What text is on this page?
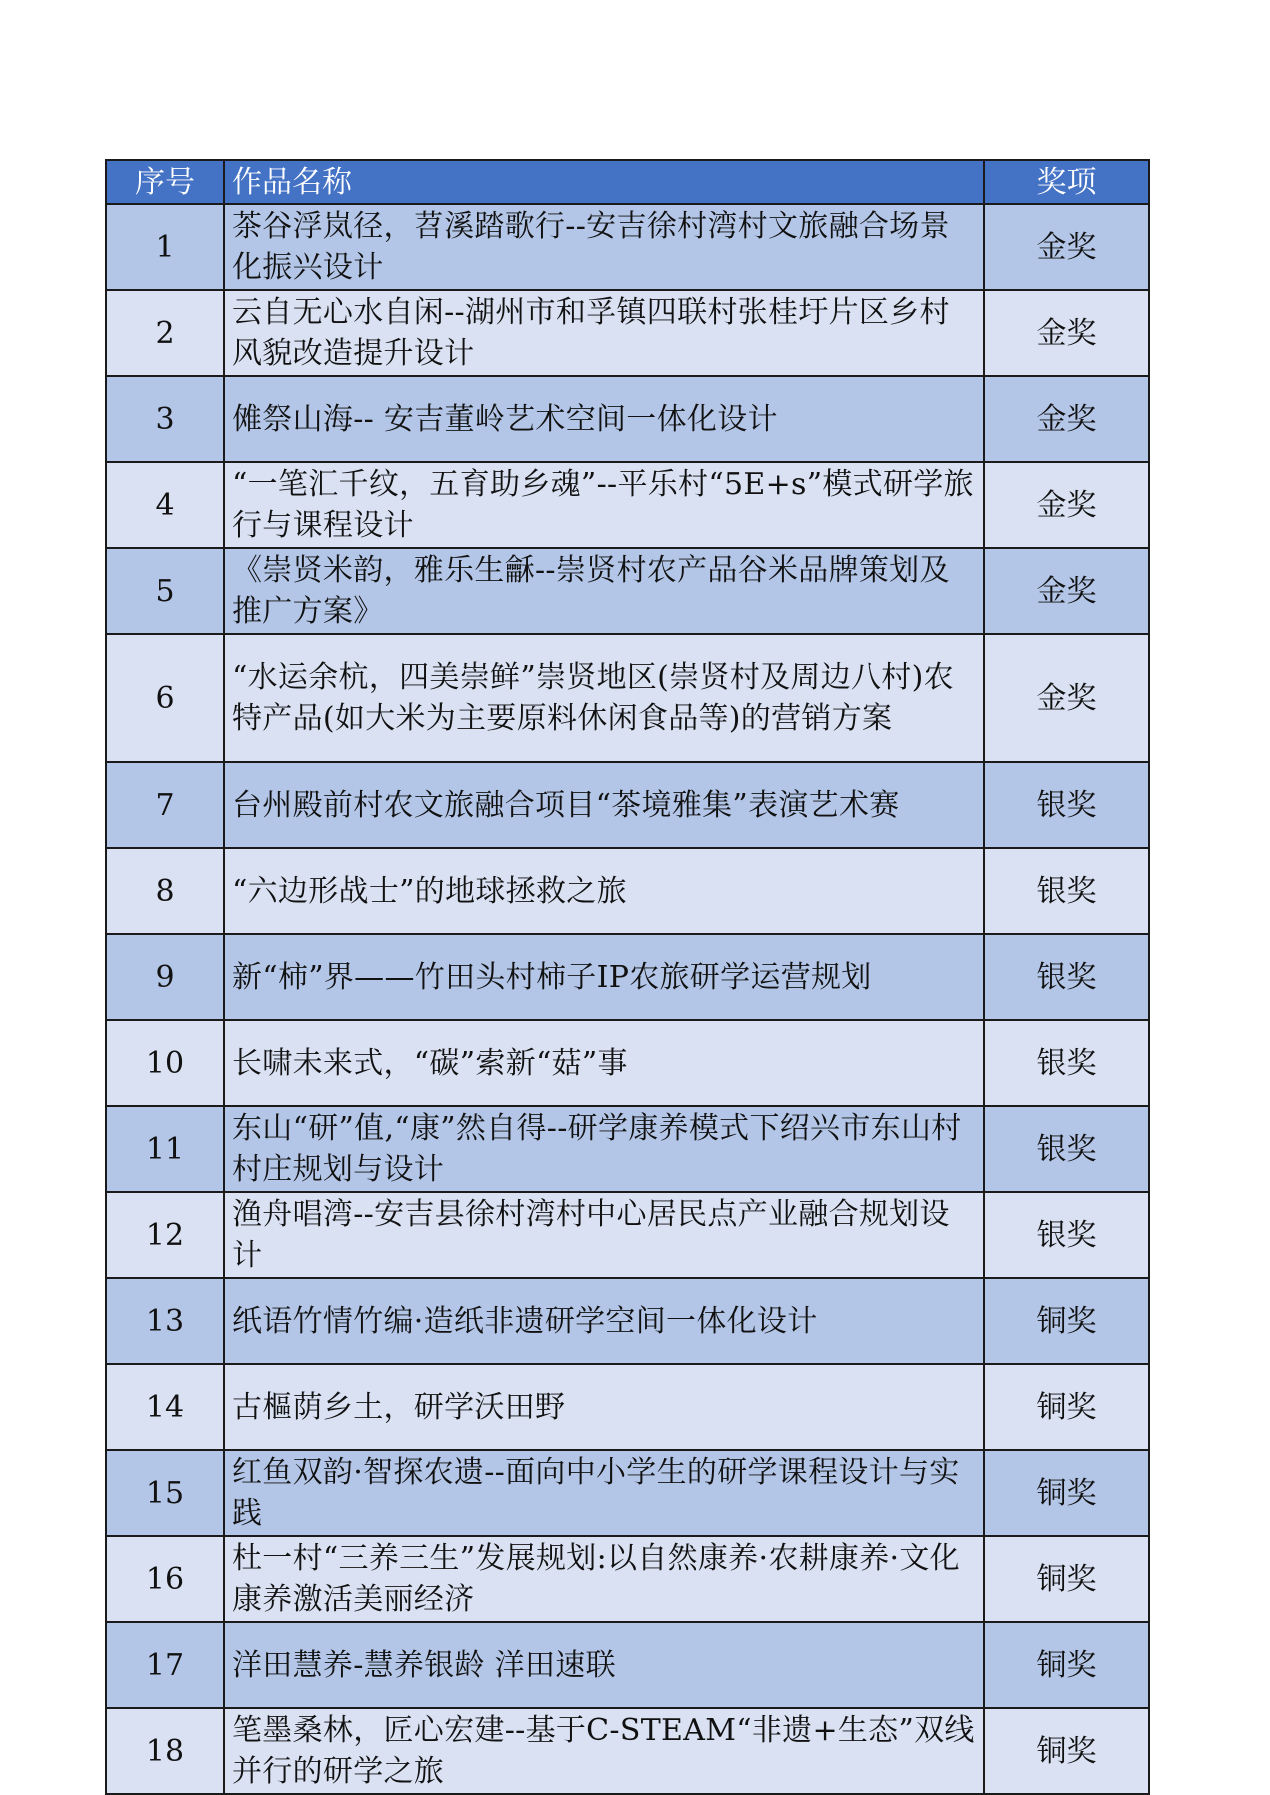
序号	作品名称	奖项
1	茶谷浮岚径，苕溪踏歌行--安吉徐村湾村文旅融合场景化振兴设计	金奖
2	云自无心水自闲--湖州市和孚镇四联村张桂圩片区乡村风貌改造提升设计	金奖
3	傩祭山海-- 安吉董岭艺术空间一体化设计	金奖
4	“一笔汇千纹，五育助乡魂”--平乐村“5E+s”模式研学旅行与课程设计	金奖
5	《崇贤米韵，雅乐生龢--崇贤村农产品谷米品牌策划及推广方案》	金奖
6	“水运余杭，四美崇鲜”崇贤地区(崇贤村及周边八村)农特产品(如大米为主要原料休闲食品等)的营销方案	金奖
7	台州殿前村农文旅融合项目“茶境雅集”表演艺术赛	银奖
8	“六边形战士”的地球拯救之旅	银奖
9	新“柿”界——竹田头村柿子IP农旅研学运营规划	银奖
10	长啸未来式，“碳”索新“菇”事	银奖
11	东山“研”值,“康”然自得--研学康养模式下绍兴市东山村村庄规划与设计	银奖
12	渔舟唱湾--安吉县徐村湾村中心居民点产业融合规划设计	银奖
13	纸语竹情竹编·造纸非遗研学空间一体化设计	铜奖
14	古樞荫乡土，研学沃田野	铜奖
15	红鱼双韵·智探农遗--面向中小学生的研学课程设计与实践	铜奖
16	杜一村“三养三生”发展规划:以自然康养·农耕康养·文化康养激活美丽经济	铜奖
17	洋田慧养-慧养银龄 洋田速联	铜奖
18	笔墨桑林，匠心宏建--基于C-STEAM“非遗+生态”双线并行的研学之旅	铜奖
